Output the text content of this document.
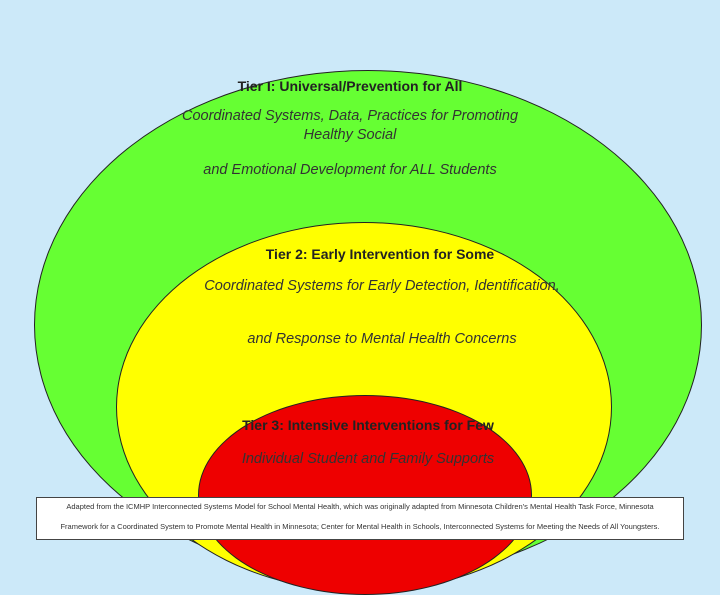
Tier I: Universal/Prevention for All
Coordinated Systems, Data, Practices for Promoting Healthy Social
and Emotional Development for ALL Students
Tier 2: Early Intervention for Some
Coordinated Systems for Early Detection, Identification,
and Response to Mental Health Concerns
Tier 3: Intensive Interventions for Few
Individual Student and Family Supports
Adapted from the ICMHP Interconnected Systems Model for School Mental Health, which was originally adapted from Minnesota Children's Mental Health Task Force, Minnesota
Framework for a Coordinated System to Promote Mental Health in Minnesota; Center for Mental Health in Schools, Interconnected Systems for Meeting the Needs of All Youngsters.
